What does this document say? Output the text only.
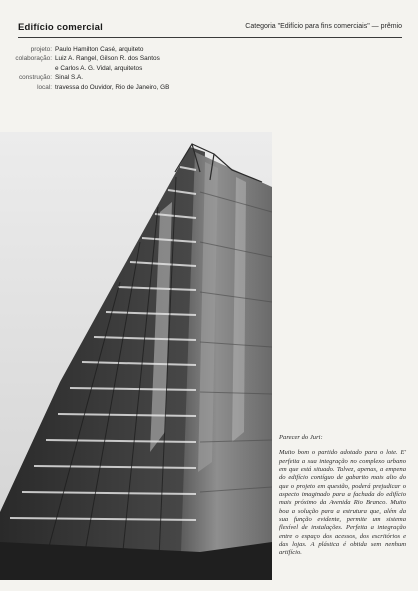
Edifício comercial	Categoria "Edifício para fins comerciais" — prêmio
projeto: Paulo Hamilton Casé, arquiteto
colaboração: Luiz A. Rangel, Gilson R. dos Santos
e Carlos A. G. Vidal, arquitetos
construção: Sinal S.A.
local: travessa do Ouvidor, Rio de Janeiro, GB
Parecer do Juri:
Muito bom o partido adotado para o lote. E' perfeita a sua integração no complexo urbano em que está situado. Talvez, apenas, a empena do edifício contíguo de gabarito mais alto do que o projeto em questão, poderá prejudicar o aspecto imaginado para a fachada do edifício mais próximo da Avenida Rio Branco. Muito boa a solução para a estrutura que, além da sua função evidente, permite um sistema flexível de instalações. Perfeita a integração entre o espaço dos acessos, dos escritórios e das lojas. A plástica é obtida sem nenhum artifício.
